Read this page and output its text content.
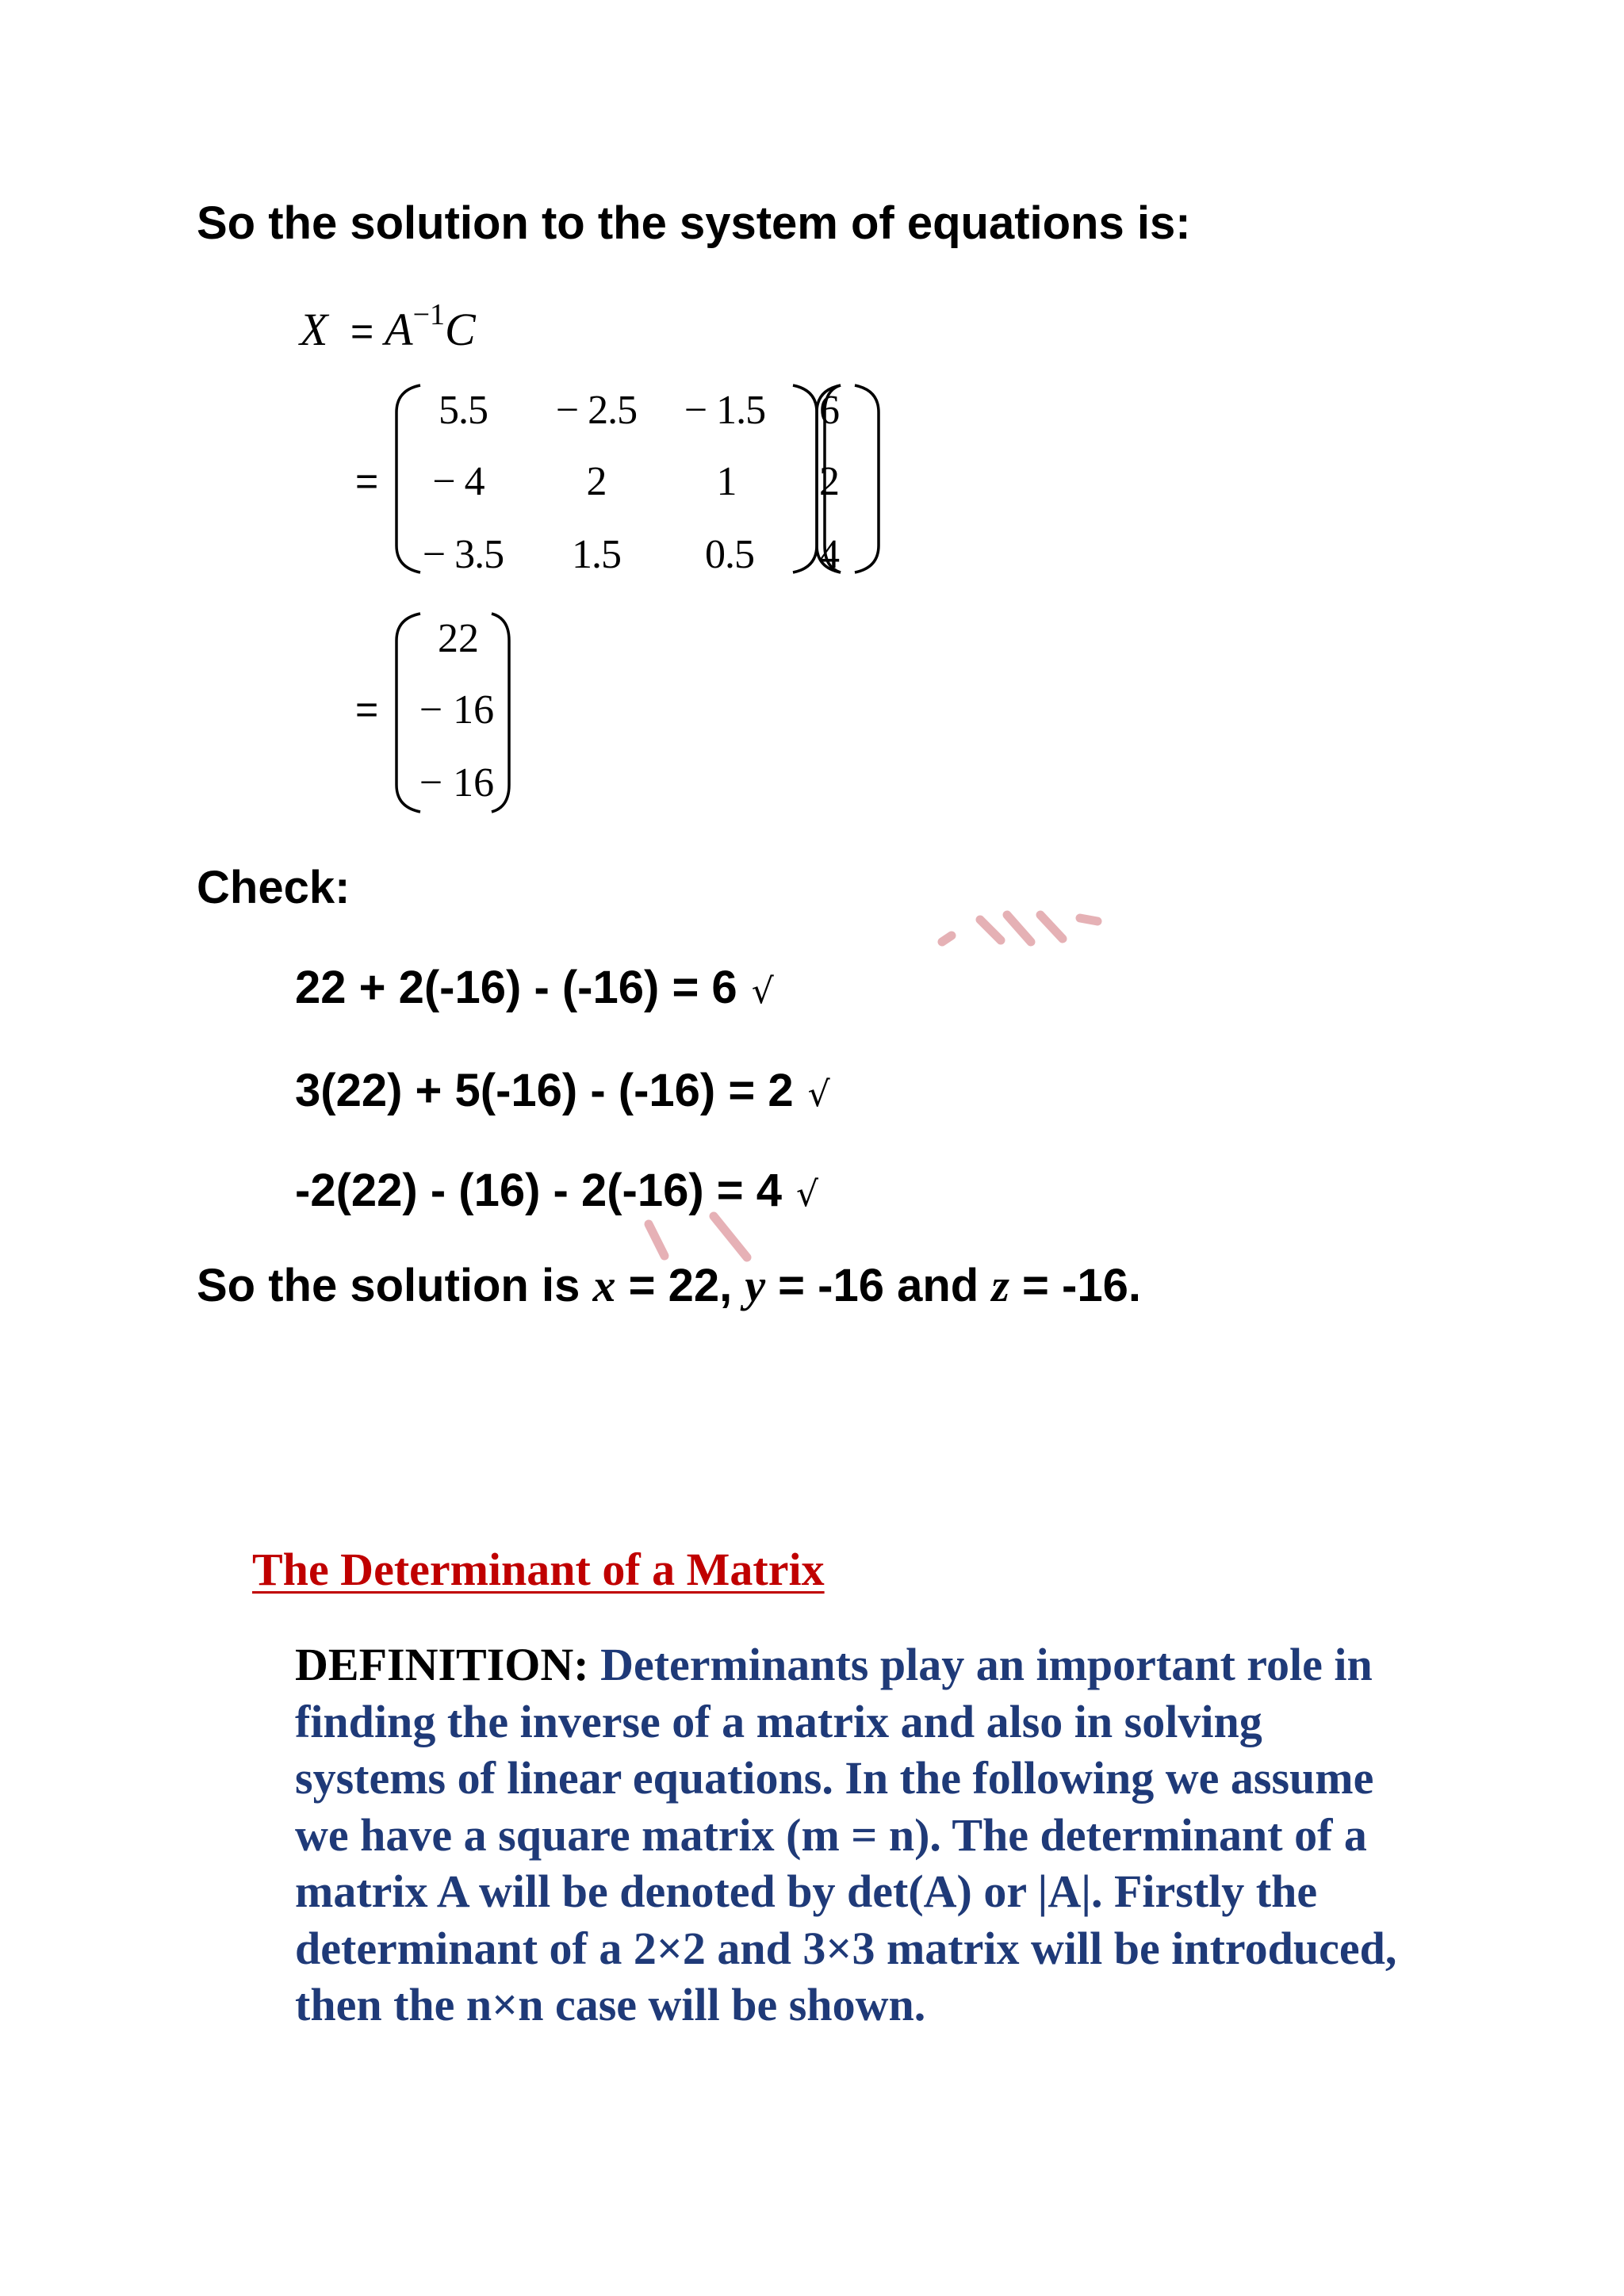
So the solution to the system of equations is:
$X = A^{-1}C$
=
5.5	− 2.5	− 1.5
− 4	2	1
− 3.5	1.5	0.5
6
2
4
=
22
− 16
− 16
Check:
22 + 2(-16) - (-16) = 6 √
3(22) + 5(-16) - (-16) = 2 √
-2(22) - (16) - 2(-16) = 4 √
So the solution is x = 22, y = -16 and z = -16.
The Determinant of a Matrix
DEFINITION: Determinants play an important role in finding the inverse of a matrix and also in solving systems of linear equations. In the following we assume we have a square matrix (m = n). The determinant of a matrix A will be denoted by det(A) or |A|. Firstly the determinant of a 2×2 and 3×3 matrix will be introduced, then the n×n case will be shown.
